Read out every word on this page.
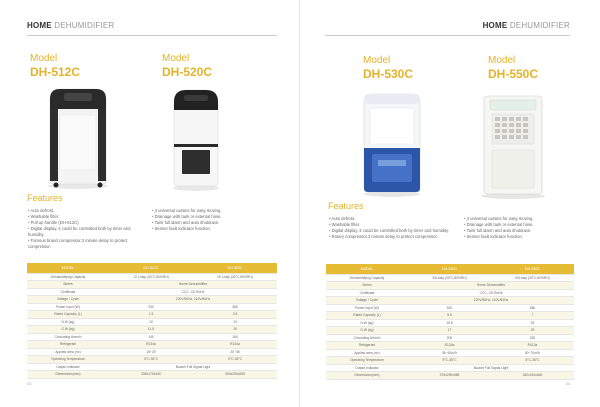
HOME DEHUMIDIFIER
Model
DH-512C
Model
DH-520C
Features
• Auto defrost.
• Washable filter.
• Pull up handle (DH-512C)
• Digital display, it could be controlled both by timer and humidity.
• Famous brand compressor,3 minute delay to protect compressor.
• 4 universal castors for easy moving.
• Drainage with tank or external hose.
• Tank full alarm and auto shutdown.
• Sensor fault indicator function.
MODEL	DH-512C	DH-520C
Dehumidifying Capacity	12 L/day (30°C,80%RH)	20 L/day (30°C,80%RH)
Series	Home Dehumidifier	
Certificate	CCC, CE,RoHs	
Voltage / Cycle	220V/50Hz, 110V/60Hz	
Power Input (W)	230	380
Rated Capacity (L)	1.5	3.5
N.W (kg)	10	13
G.W (kg)	11.5	15
Circulating Airm³/h	140	160
Refrigerant	R134a	R134a
Applied area (m²)	15~20	20~35
Operating Temperature	5°C-35°C	5°C-35°C
Output Indicator	Bucket Full Signal Light	
Dimensions(mm)	335x170x440	300x290x535
33
HOME DEHUMIDIFIER
Model
DH-530C
Model
DH-550C
Features
• Auto defrost.
• Washable filter.
• Digital display, it could be controlled both by timer and humidity.
• Rotary compressor,3 minute delay to protect compressor.
• 4 universal castors for easy moving.
• Drainage with tank or external hose.
• Tank full alarm and auto shutdown.
• Sensor fault indicator function.
MODEL	DH-530C	DH-550C
Dehumidifying Capacity	30L/day (30°C,80%RH)	50L/day (30°C,80%RH)
Series	Home Dehumidifier	
Certificate	CCC, CE,RoHs	
Voltage / Cycle	220V/50Hz, 110V/60Hz	
Power Input (W)	520	680
Rated Capacity (L)	5.5	7
N.W (kg)	15.5	26
G.W (kg)	17	29
Circulating Airm³/h	200	320
Refrigerant	R134a	R410a
Applied area (m²)	35~45㎡/h	50~70㎡/h
Operating Temperature	5°C-35°C	5°C-35°C
Output Indicator	Bucket Full Signal Light	
Dimensions(mm)	375x290x565	340x410x640
34
